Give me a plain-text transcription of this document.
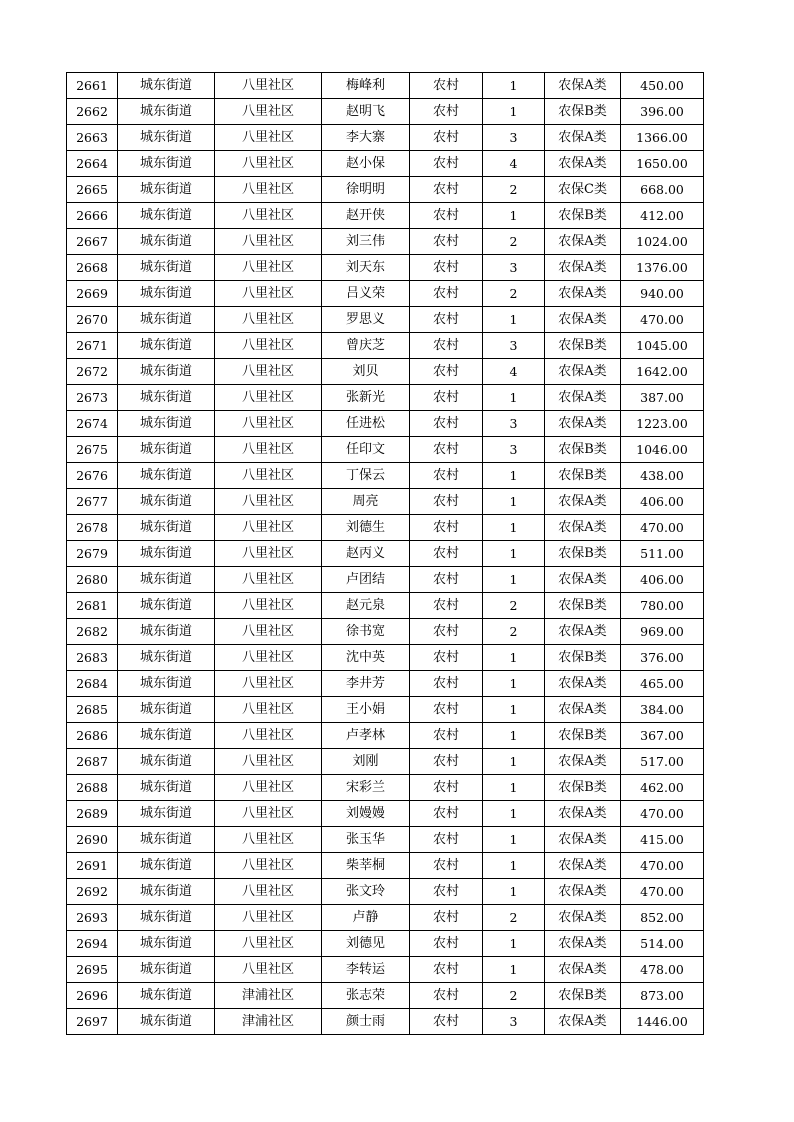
2661	城东街道	八里社区	梅峰利	农村	1	农保A类	450.00
2662	城东街道	八里社区	赵明飞	农村	1	农保B类	396.00
2663	城东街道	八里社区	李大寨	农村	3	农保A类	1366.00
2664	城东街道	八里社区	赵小保	农村	4	农保A类	1650.00
2665	城东街道	八里社区	徐明明	农村	2	农保C类	668.00
2666	城东街道	八里社区	赵开侠	农村	1	农保B类	412.00
2667	城东街道	八里社区	刘三伟	农村	2	农保A类	1024.00
2668	城东街道	八里社区	刘天东	农村	3	农保A类	1376.00
2669	城东街道	八里社区	吕义荣	农村	2	农保A类	940.00
2670	城东街道	八里社区	罗思义	农村	1	农保A类	470.00
2671	城东街道	八里社区	曾庆芝	农村	3	农保B类	1045.00
2672	城东街道	八里社区	刘贝	农村	4	农保A类	1642.00
2673	城东街道	八里社区	张新光	农村	1	农保A类	387.00
2674	城东街道	八里社区	任进松	农村	3	农保A类	1223.00
2675	城东街道	八里社区	任印文	农村	3	农保B类	1046.00
2676	城东街道	八里社区	丁保云	农村	1	农保B类	438.00
2677	城东街道	八里社区	周亮	农村	1	农保A类	406.00
2678	城东街道	八里社区	刘德生	农村	1	农保A类	470.00
2679	城东街道	八里社区	赵丙义	农村	1	农保B类	511.00
2680	城东街道	八里社区	卢团结	农村	1	农保A类	406.00
2681	城东街道	八里社区	赵元泉	农村	2	农保B类	780.00
2682	城东街道	八里社区	徐书宽	农村	2	农保A类	969.00
2683	城东街道	八里社区	沈中英	农村	1	农保B类	376.00
2684	城东街道	八里社区	李井芳	农村	1	农保A类	465.00
2685	城东街道	八里社区	王小娟	农村	1	农保A类	384.00
2686	城东街道	八里社区	卢孝林	农村	1	农保B类	367.00
2687	城东街道	八里社区	刘刚	农村	1	农保A类	517.00
2688	城东街道	八里社区	宋彩兰	农村	1	农保B类	462.00
2689	城东街道	八里社区	刘嫚嫚	农村	1	农保A类	470.00
2690	城东街道	八里社区	张玉华	农村	1	农保A类	415.00
2691	城东街道	八里社区	柴莘桐	农村	1	农保A类	470.00
2692	城东街道	八里社区	张文玲	农村	1	农保A类	470.00
2693	城东街道	八里社区	卢静	农村	2	农保A类	852.00
2694	城东街道	八里社区	刘德见	农村	1	农保A类	514.00
2695	城东街道	八里社区	李转运	农村	1	农保A类	478.00
2696	城东街道	津浦社区	张志荣	农村	2	农保B类	873.00
2697	城东街道	津浦社区	颜士雨	农村	3	农保A类	1446.00
